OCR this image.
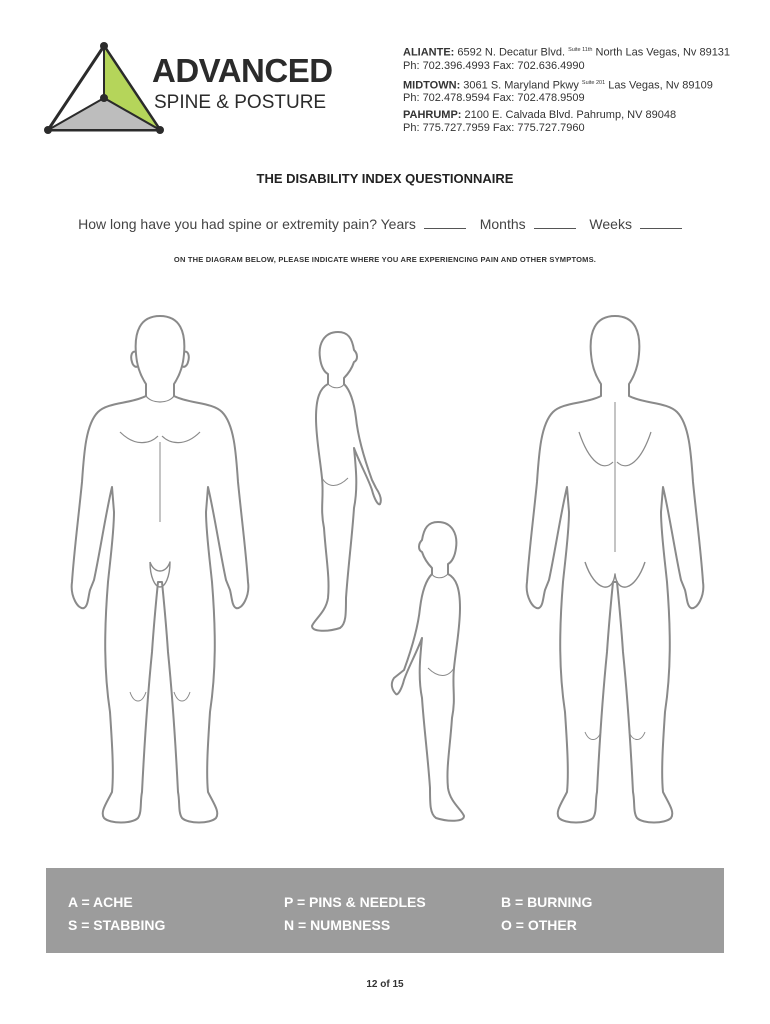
ADVANCED
SPINE & POSTURE
ALIANTE: 6592 N. Decatur Blvd. $^{Suite 11th}$ North Las Vegas, Nv 89131
Ph: 702.396.4993 Fax: 702.636.4990
MIDTOWN: 3061 S. Maryland Pkwy $^{Suite 201}$ Las Vegas, Nv 89109
Ph: 702.478.9594 Fax: 702.478.9509
PAHRUMP: 2100 E. Calvada Blvd. Pahrump, NV 89048
Ph: 775.727.7959 Fax: 775.727.7960
THE DISABILITY INDEX QUESTIONNAIRE
How long have you had spine or extremity pain? Years	Months	Weeks
ON THE DIAGRAM BELOW, PLEASE INDICATE WHERE YOU ARE EXPERIENCING PAIN AND OTHER SYMPTOMS.
A = ACHE
S = STABBING
P = PINS & NEEDLES
N = NUMBNESS
B = BURNING
O = OTHER
12 of 15
